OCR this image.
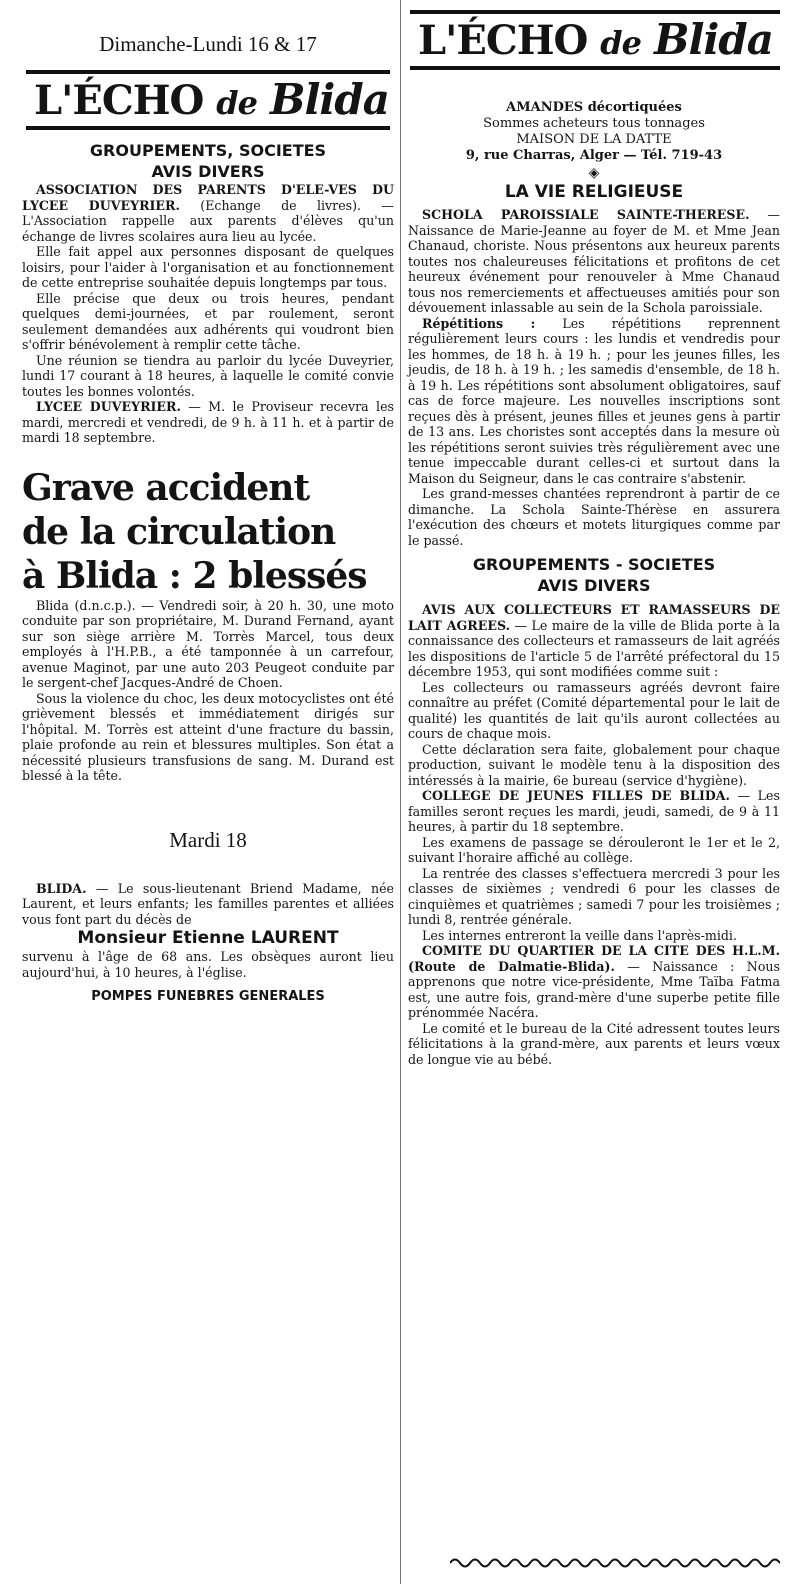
Dimanche-Lundi 16 & 17
L'ÉCHO de Blida
GROUPEMENTS, SOCIETES
AVIS DIVERS

ASSOCIATION DES PARENTS D'ELE-VES DU LYCEE DUVEYRIER. (Echange de livres). — L'Association rappelle aux parents d'élèves qu'un échange de livres scolaires aura lieu au lycée.

Elle fait appel aux personnes disposant de quelques loisirs, pour l'aider à l'organisation et au fonctionnement de cette entreprise souhaitée depuis longtemps par tous.

Elle précise que deux ou trois heures, pendant quelques demi-journées, et par roulement, seront seulement demandées aux adhérents qui voudront bien s'offrir bénévolement à remplir cette tâche.

Une réunion se tiendra au parloir du lycée Duveyrier, lundi 17 courant à 18 heures, à laquelle le comité convie toutes les bonnes volontés.

LYCEE DUVEYRIER. — M. le Proviseur recevra les mardi, mercredi et vendredi, de 9 h. à 11 h. et à partir de mardi 18 septembre.

Grave accident

de la circulation

à Blida : 2 blessés

Blida (d.n.c.p.). — Vendredi soir, à 20 h. 30, une moto conduite par son propriétaire, M. Durand Fernand, ayant sur son siège arrière M. Torrès Marcel, tous deux employés à l'H.P.B., a été tamponnée à un carrefour, avenue Maginot, par une auto 203 Peugeot conduite par le sergent-chef Jacques-André de Choen.

Sous la violence du choc, les deux motocyclistes ont été grièvement blessés et immédiatement dirigés sur l'hôpital. M. Torrès est atteint d'une fracture du bassin, plaie profonde au rein et blessures multiples. Son état a nécessité plusieurs transfusions de sang. M. Durand est blessé à la tête.

Mardi 18

BLIDA. — Le sous-lieutenant Briend Madame, née Laurent, et leurs enfants; les familles parentes et alliées vous font part du décès de

Monsieur Etienne LAURENT

survenu à l'âge de 68 ans. Les obsèques auront lieu aujourd'hui, à 10 heures, à l'église.

POMPES FUNEBRES GENERALES
L'ÉCHO de Blida
AMANDES décortiquées
Sommes acheteurs tous tonnages
MAISON DE LA DATTE
9, rue Charras, Alger — Tél. 719-43
◈
LA VIE RELIGIEUSE

SCHOLA PAROISSIALE SAINTE-THERESE. — Naissance de Marie-Jeanne au foyer de M. et Mme Jean Chanaud, choriste. Nous présentons aux heureux parents toutes nos chaleureuses félicitations et profitons de cet heureux événement pour renouveler à Mme Chanaud tous nos remerciements et affectueuses amitiés pour son dévouement inlassable au sein de la Schola paroissiale.

Répétitions : Les répétitions reprennent régulièrement leurs cours : les lundis et vendredis pour les hommes, de 18 h. à 19 h. ; pour les jeunes filles, les jeudis, de 18 h. à 19 h. ; les samedis d'ensemble, de 18 h. à 19 h. Les répétitions sont absolument obligatoires, sauf cas de force majeure. Les nouvelles inscriptions sont reçues dès à présent, jeunes filles et jeunes gens à partir de 13 ans. Les choristes sont acceptés dans la mesure où les répétitions seront suivies très régulièrement avec une tenue impeccable durant celles-ci et surtout dans la Maison du Seigneur, dans le cas contraire s'abstenir.

Les grand-messes chantées reprendront à partir de ce dimanche. La Schola Sainte-Thérèse en assurera l'exécution des chœurs et motets liturgiques comme par le passé.

GROUPEMENTS - SOCIETES
AVIS DIVERS

AVIS AUX COLLECTEURS ET RAMASSEURS DE LAIT AGREES. — Le maire de la ville de Blida porte à la connaissance des collecteurs et ramasseurs de lait agréés les dispositions de l'article 5 de l'arrêté préfectoral du 15 décembre 1953, qui sont modifiées comme suit :

Les collecteurs ou ramasseurs agréés devront faire connaître au préfet (Comité départemental pour le lait de qualité) les quantités de lait qu'ils auront collectées au cours de chaque mois.

Cette déclaration sera faite, globalement pour chaque production, suivant le modèle tenu à la disposition des intéressés à la mairie, 6e bureau (service d'hygiène).

COLLEGE DE JEUNES FILLES DE BLIDA. — Les familles seront reçues les mardi, jeudi, samedi, de 9 à 11 heures, à partir du 18 septembre.

Les examens de passage se dérouleront le 1er et le 2, suivant l'horaire affiché au collège.

La rentrée des classes s'effectuera mercredi 3 pour les classes de sixièmes ; vendredi 6 pour les classes de cinquièmes et quatrièmes ; samedi 7 pour les troisièmes ; lundi 8, rentrée générale.

Les internes entreront la veille dans l'après-midi.

COMITE DU QUARTIER DE LA CITE DES H.L.M. (Route de Dalmatie-Blida). — Naissance : Nous apprenons que notre vice-présidente, Mme Taïba Fatma est, une autre fois, grand-mère d'une superbe petite fille prénommée Nacéra.

Le comité et le bureau de la Cité adressent toutes leurs félicitations à la grand-mère, aux parents et leurs vœux de longue vie au bébé.
